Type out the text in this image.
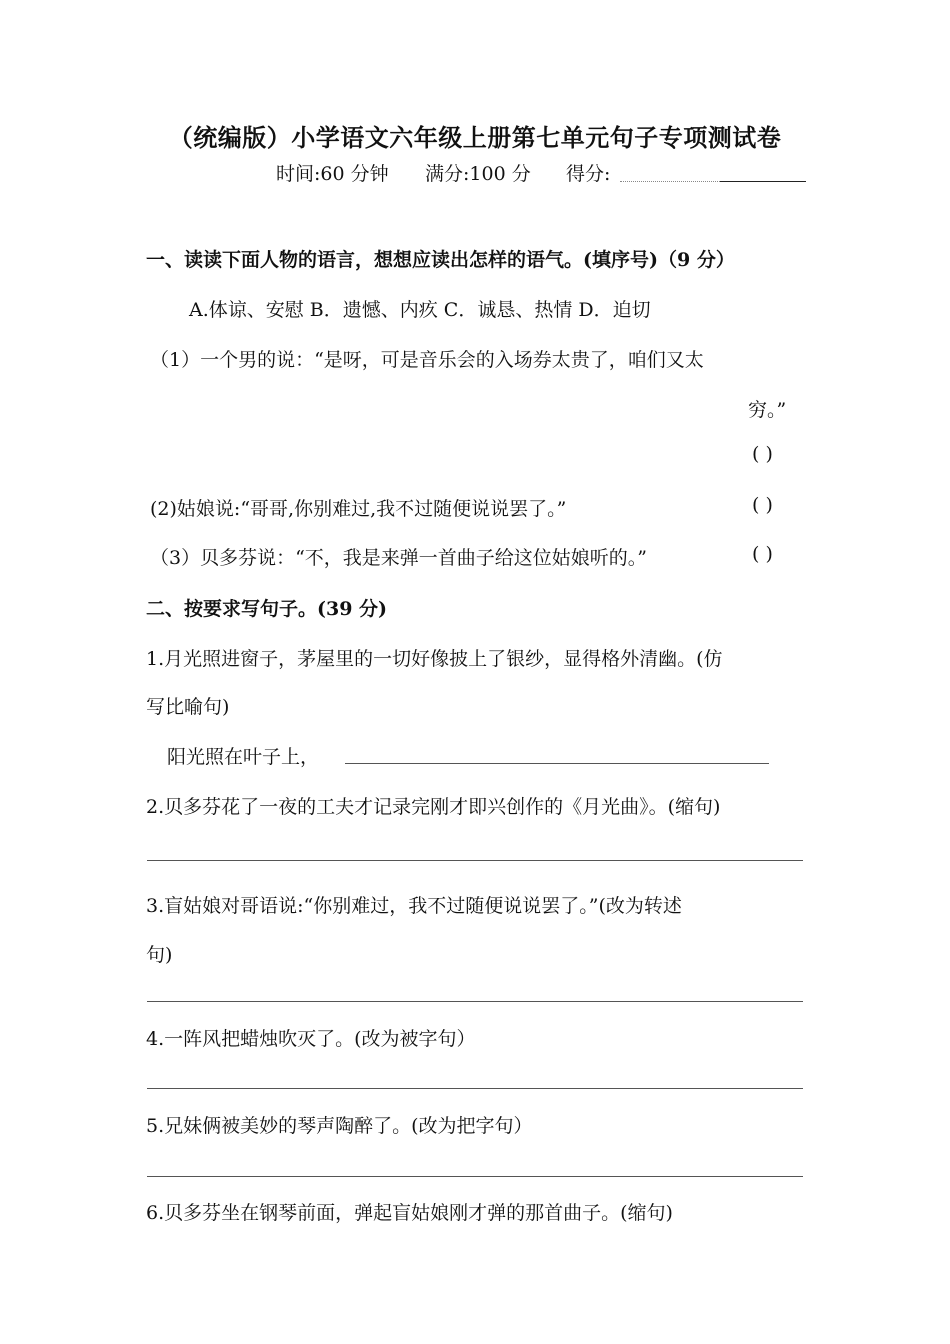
（统编版）小学语文六年级上册第七单元句子专项测试卷
时间:60 分钟 满分:100 分 得分:
一、读读下面人物的语言，想想应读出怎样的语气。(填序号)（9 分）
A.体谅、安慰 B．遗憾、内疚 C．诚恳、热情 D．迫切
（1）一个男的说：“是呀，可是音乐会的入场券太贵了，咱们又太
穷。”
( )
(2)姑娘说:“哥哥,你别难过,我不过随便说说罢了。”	( )
（3）贝多芬说：“不，我是来弹一首曲子给这位姑娘听的。”	( )
二、按要求写句子。(39 分)
1.月光照进窗子，茅屋里的一切好像披上了银纱，显得格外清幽。(仿
写比喻句)
阳光照在叶子上，
2.贝多芬花了一夜的工夫才记录完刚才即兴创作的《月光曲》。(缩句)
3.盲姑娘对哥语说:“你别难过，我不过随便说说罢了。”(改为转述
句)
4.一阵风把蜡烛吹灭了。(改为被字句）
5.兄妹俩被美妙的琴声陶醉了。(改为把字句）
6.贝多芬坐在钢琴前面，弹起盲姑娘刚才弹的那首曲子。(缩句)
